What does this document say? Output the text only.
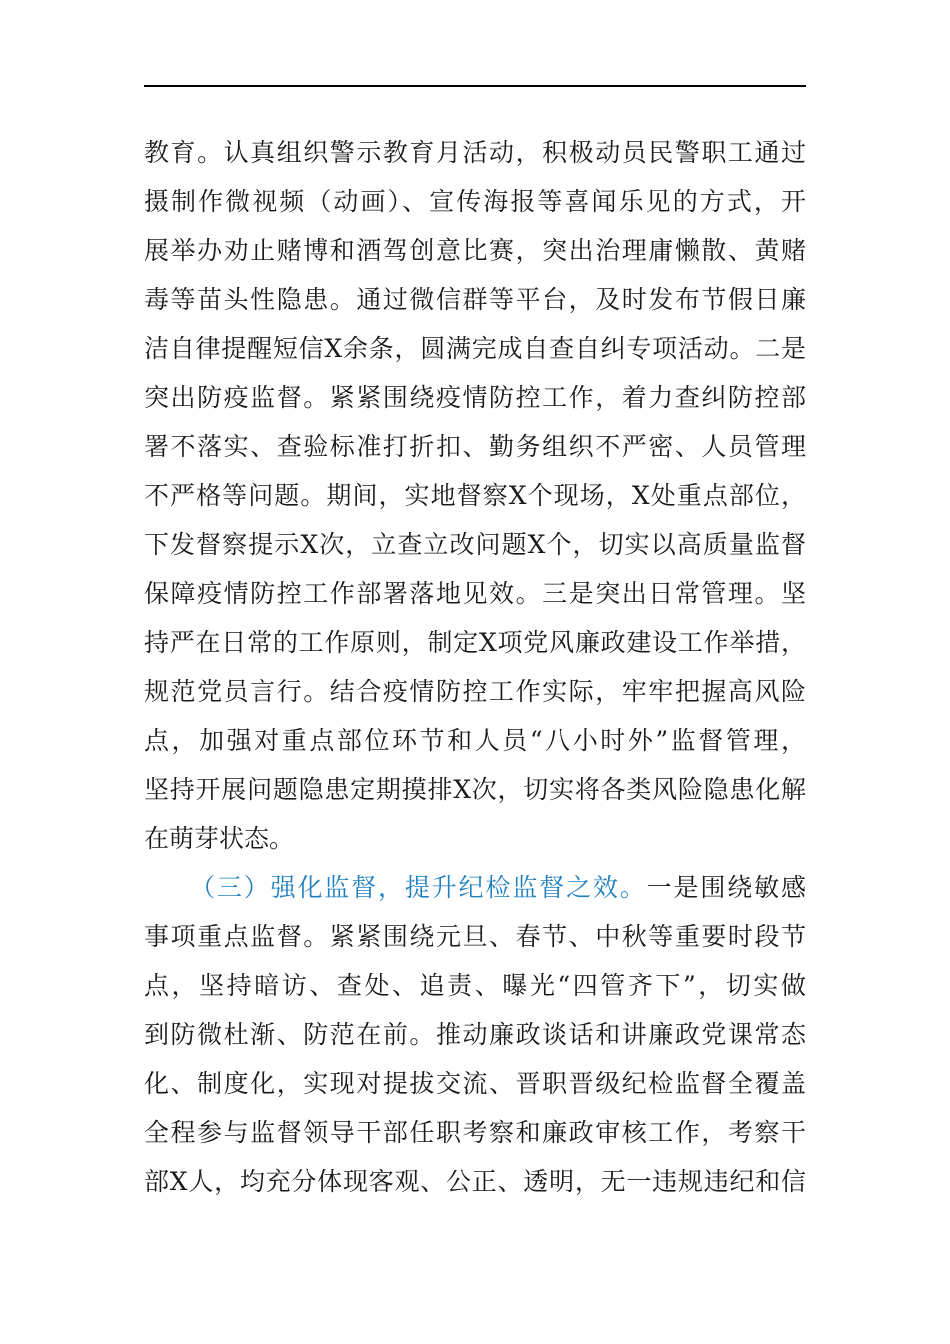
教育。认真组织警示教育月活动，积极动员民警职工通过
摄制作微视频（动画）、宣传海报等喜闻乐见的方式，开
展举办劝止赌博和酒驾创意比赛，突出治理庸懒散、黄赌
毒等苗头性隐患。通过微信群等平台，及时发布节假日廉
洁自律提醒短信X余条，圆满完成自查自纠专项活动。二是
突出防疫监督。紧紧围绕疫情防控工作，着力查纠防控部
署不落实、查验标准打折扣、勤务组织不严密、人员管理
不严格等问题。期间，实地督察X个现场，X处重点部位，
下发督察提示X次，立查立改问题X个，切实以高质量监督
保障疫情防控工作部署落地见效。三是突出日常管理。坚
持严在日常的工作原则，制定X项党风廉政建设工作举措，
规范党员言行。结合疫情防控工作实际，牢牢把握高风险
点，加强对重点部位环节和人员“八小时外”监督管理，
坚持开展问题隐患定期摸排X次，切实将各类风险隐患化解
在萌芽状态。
（三）强化监督，提升纪检监督之效。一是围绕敏感
事项重点监督。紧紧围绕元旦、春节、中秋等重要时段节
点，坚持暗访、查处、追责、曝光“四管齐下”，切实做
到防微杜渐、防范在前。推动廉政谈话和讲廉政党课常态
化、制度化，实现对提拔交流、晋职晋级纪检监督全覆盖
全程参与监督领导干部任职考察和廉政审核工作，考察干
部X人，均充分体现客观、公正、透明，无一违规违纪和信
